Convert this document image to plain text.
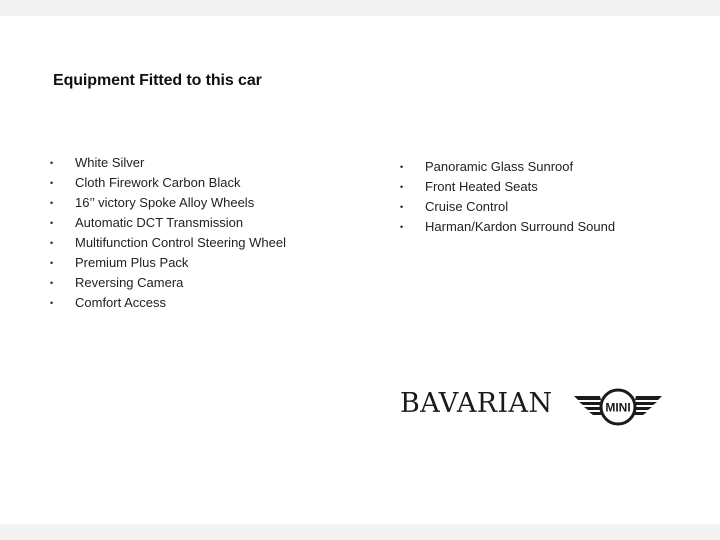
Equipment Fitted to this car
•	White Silver
•	Cloth Firework Carbon Black
•	16’’ victory Spoke Alloy Wheels
•	Automatic DCT Transmission
•	Multifunction Control Steering Wheel
•	Premium Plus Pack
•	Reversing Camera
•	Comfort Access
•	Panoramic Glass Sunroof
•	Front Heated Seats
•	Cruise Control
•	Harman/Kardon Surround Sound
BAVARIAN	MINI
